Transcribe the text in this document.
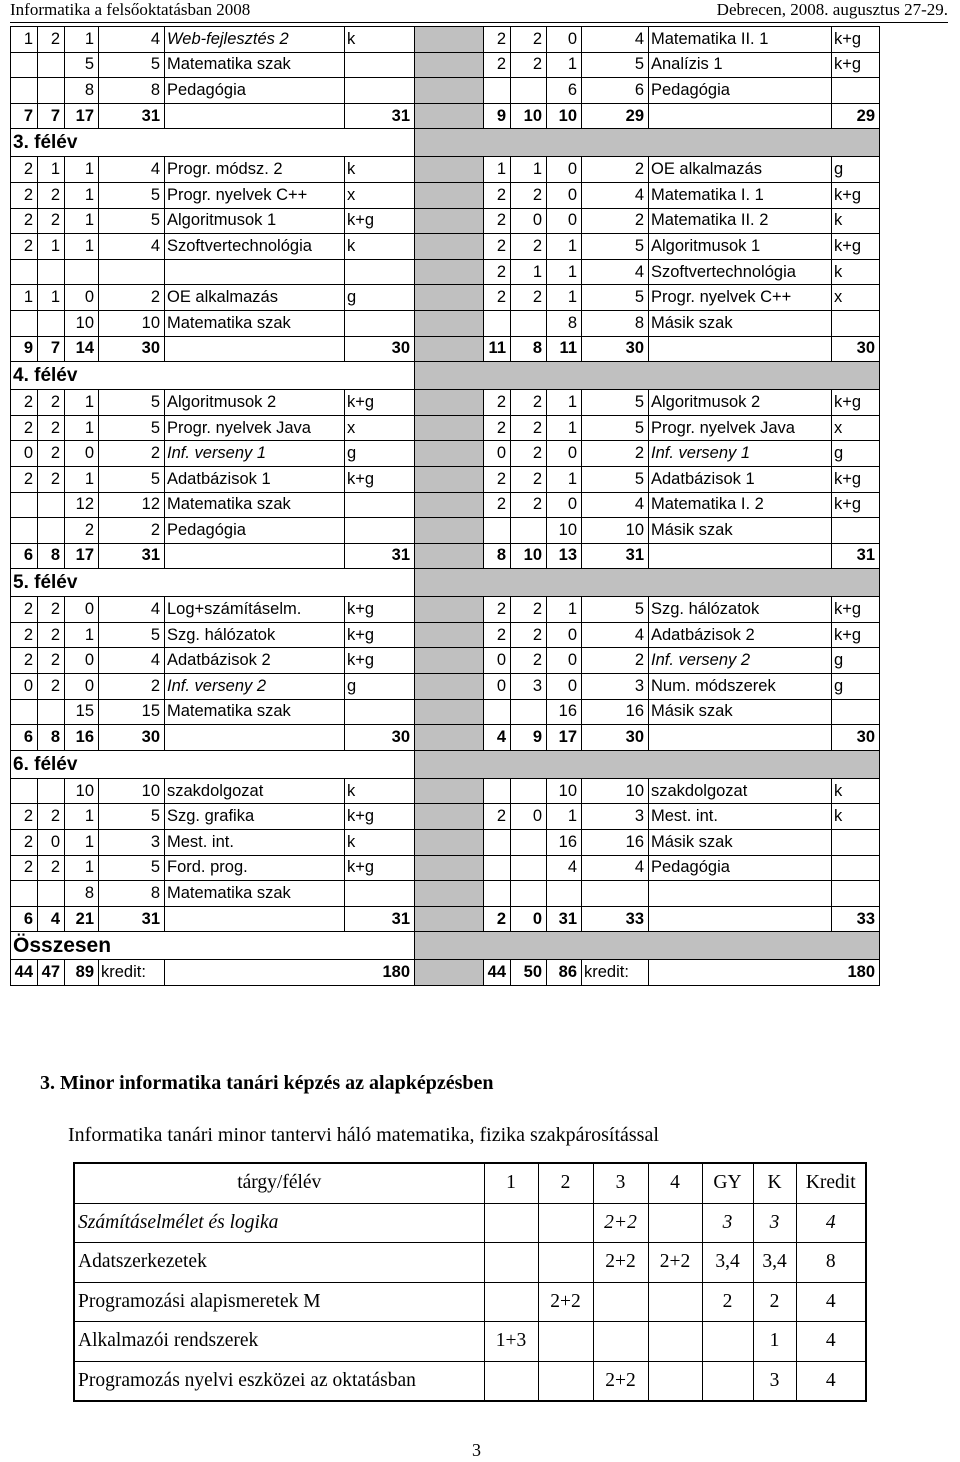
Informatika a felsőoktatásban 2008	Debrecen, 2008. augusztus 27-29.
1	2	1	4	Web-fejlesztés 2	k		2	2	0	4	Matematika II. 1	k+g
		5	5	Matematika szak			2	2	1	5	Analízis 1	k+g
		8	8	Pedagógia					6	6	Pedagógia	
7	7	17	31		31		9	10	10	29		29
3. félév												
2	1	1	4	Progr. módsz. 2	k		1	1	0	2	OE alkalmazás	g
2	2	1	5	Progr. nyelvek C++	x		2	2	0	4	Matematika I. 1	k+g
2	2	1	5	Algoritmusok 1	k+g		2	0	0	2	Matematika II. 2	k
2	1	1	4	Szoftvertechnológia	k		2	2	1	5	Algoritmusok 1	k+g
							2	1	1	4	Szoftvertechnológia	k
1	1	0	2	OE alkalmazás	g		2	2	1	5	Progr. nyelvek C++	x
		10	10	Matematika szak					8	8	Másik szak	
9	7	14	30		30		11	8	11	30		30
4. félév												
2	2	1	5	Algoritmusok 2	k+g		2	2	1	5	Algoritmusok 2	k+g
2	2	1	5	Progr. nyelvek Java	x		2	2	1	5	Progr. nyelvek Java	x
0	2	0	2	Inf. verseny 1	g		0	2	0	2	Inf. verseny 1	g
2	2	1	5	Adatbázisok 1	k+g		2	2	1	5	Adatbázisok 1	k+g
		12	12	Matematika szak			2	2	0	4	Matematika I. 2	k+g
		2	2	Pedagógia					10	10	Másik szak	
6	8	17	31		31		8	10	13	31		31
5. félév												
2	2	0	4	Log+számításelm.	k+g		2	2	1	5	Szg. hálózatok	k+g
2	2	1	5	Szg. hálózatok	k+g		2	2	0	4	Adatbázisok 2	k+g
2	2	0	4	Adatbázisok 2	k+g		0	2	0	2	Inf. verseny 2	g
0	2	0	2	Inf. verseny 2	g		0	3	0	3	Num. módszerek	g
		15	15	Matematika szak					16	16	Másik szak	
6	8	16	30		30		4	9	17	30		30
6. félév												
		10	10	szakdolgozat	k				10	10	szakdolgozat	k
2	2	1	5	Szg. grafika	k+g		2	0	1	3	Mest. int.	k
2	0	1	3	Mest. int.	k				16	16	Másik szak	
2	2	1	5	Ford. prog.	k+g				4	4	Pedagógia	
		8	8	Matematika szak								
6	4	21	31		31		2	0	31	33		33
Összesen												
44	47	89	kredit:	180			44	50	86	kredit:	180	
3. Minor informatika tanári képzés az alapképzésben
Informatika tanári minor tantervi háló matematika, fizika szakpárosítással
tárgy/félév	1	2	3	4	GY	K	Kredit
Számításelmélet és logika			2+2		3	3	4
Adatszerkezetek			2+2	2+2	3,4	3,4	8
Programozási alapismeretek M		2+2			2	2	4
Alkalmazói rendszerek	1+3					1	4
Programozás nyelvi eszközei az oktatásban			2+2			3	4
3
